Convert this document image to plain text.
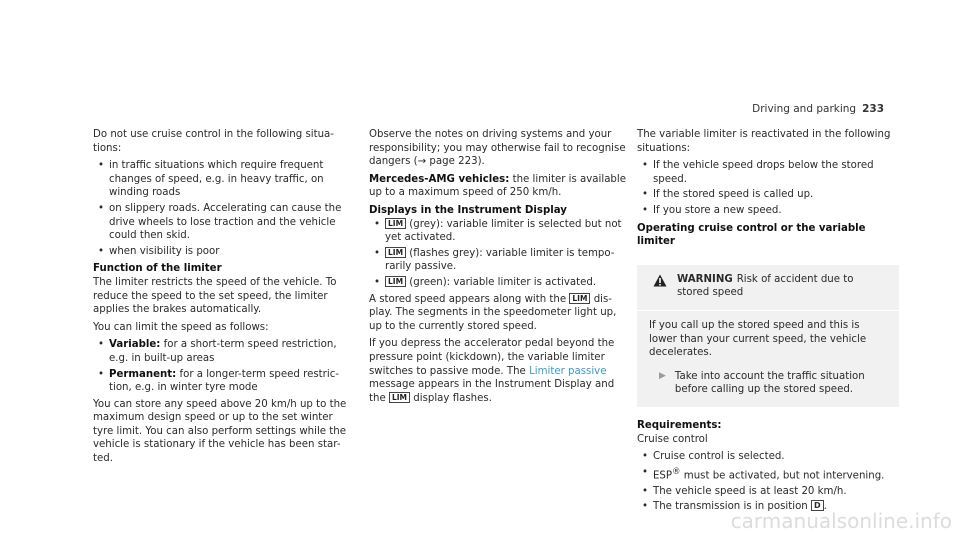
Driving and parking 233

Do not use cruise control in the following situa- tions:

• in traffic situations which require frequent changes of speed, e.g. in heavy traffic, on winding roads
• on slippery roads. Accelerating can cause the drive wheels to lose traction and the vehicle could then skid.
• when visibility is poor
Function of the limiter

The limiter restricts the speed of the vehicle. To reduce the speed to the set speed, the limiter applies the brakes automatically.

You can limit the speed as follows:

• Variable: for a short-term speed restriction, e.g. in built-up areas
• Permanent: for a longer-term speed restric- tion, e.g. in winter tyre mode

You can store any speed above 20 km/h up to the maximum design speed or up to the set winter tyre limit. You can also perform settings while the vehicle is stationary if the vehicle has been star- ted.

Observe the notes on driving systems and your responsibility; you may otherwise fail to recognise dangers (→ page 223).

Mercedes-AMG vehicles: the limiter is available up to a maximum speed of 250 km/h.

Displays in the Instrument Display
• LIM (grey): variable limiter is selected but not yet activated.
• LIM (flashes grey): variable limiter is tempo- rarily passive.
• LIM (green): variable limiter is activated.

A stored speed appears along with the LIM dis- play. The segments in the speedometer light up, up to the currently stored speed.

If you depress the accelerator pedal beyond the pressure point (kickdown), the variable limiter switches to passive mode. The Limiter passive message appears in the Instrument Display and the LIM display flashes.

The variable limiter is reactivated in the following situations:

• If the vehicle speed drops below the stored speed.
• If the stored speed is called up.
• If you store a new speed.
Operating cruise control or the variable limiter
WARNING Risk of accident due to stored speed

If you call up the stored speed and this is lower than your current speed, the vehicle decelerates.

▶ Take into account the traffic situation before calling up the stored speed.
Requirements:

Cruise control

• Cruise control is selected.
• ESP® must be activated, but not intervening.
• The vehicle speed is at least 20 km/h.
• The transmission is in position D .
carmanualsonline.info
